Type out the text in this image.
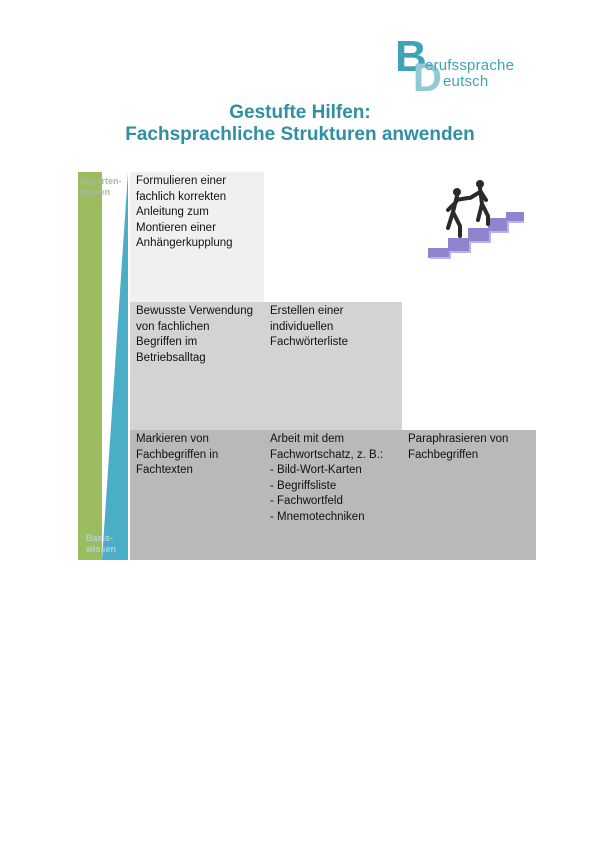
B
D
erufssprache
eutsch
Gestufte Hilfen:
Fachsprachliche Strukturen anwenden
Experten-
wissen
Basis-
wissen
Formulieren einer fachlich korrekten Anleitung zum Montieren einer Anhängerkupplung
Bewusste Verwendung von fachlichen Begriffen im Betriebsalltag
Erstellen einer individuellen Fachwörterliste
Markieren von Fachbegriffen in Fachtexten
Arbeit mit dem Fachwortschatz, z. B.:
- Bild-Wort-Karten
- Begriffsliste
- Fachwortfeld
- Mnemotechniken
Paraphrasieren von Fachbegriffen
